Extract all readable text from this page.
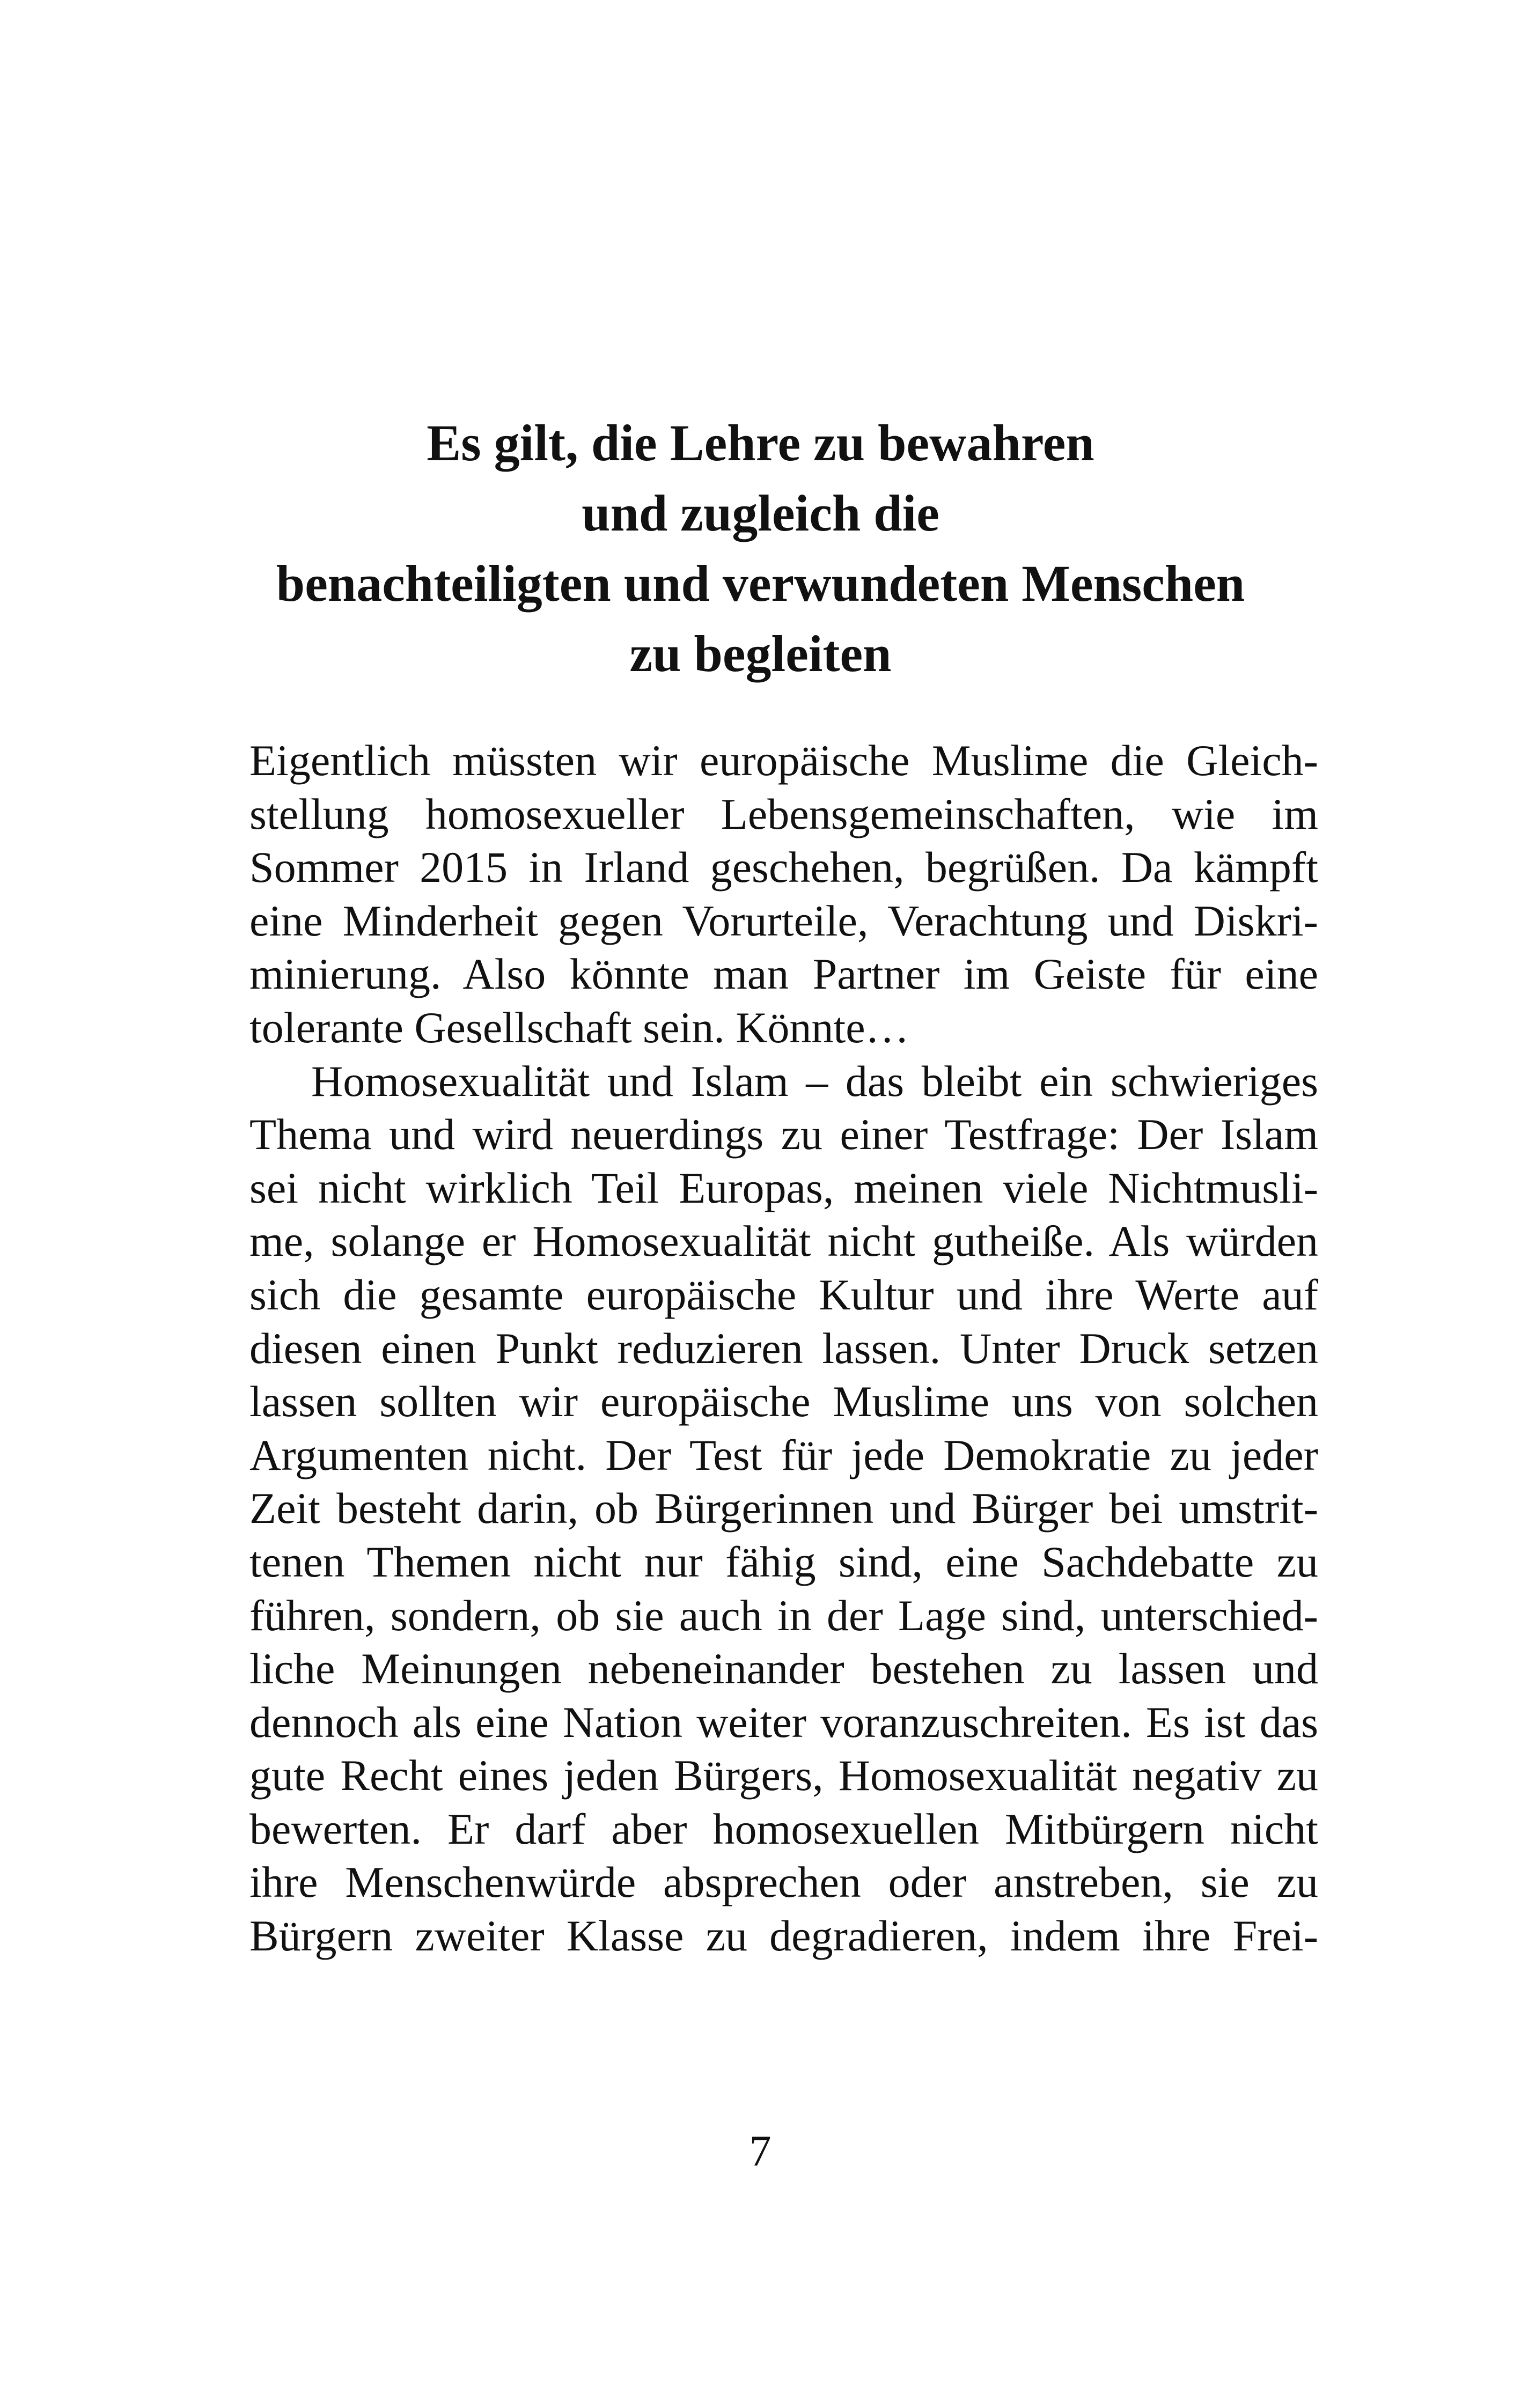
Es gilt, die Lehre zu bewahren
und zugleich die
benachteiligten und verwundeten Menschen
zu begleiten
Eigentlich müssten wir europäische Muslime die Gleich-
stellung homosexueller Lebensgemeinschaften, wie im
Sommer 2015 in Irland geschehen, begrüßen. Da kämpft
eine Minderheit gegen Vorurteile, Verachtung und Diskri-
minierung. Also könnte man Partner im Geiste für eine
tolerante Gesellschaft sein. Könnte…
Homosexualität und Islam – das bleibt ein schwieriges
Thema und wird neuerdings zu einer Testfrage: Der Islam
sei nicht wirklich Teil Europas, meinen viele Nichtmusli-
me, solange er Homosexualität nicht gutheiße. Als würden
sich die gesamte europäische Kultur und ihre Werte auf
diesen einen Punkt reduzieren lassen. Unter Druck setzen
lassen sollten wir europäische Muslime uns von solchen
Argumenten nicht. Der Test für jede Demokratie zu jeder
Zeit besteht darin, ob Bürgerinnen und Bürger bei umstrit-
tenen Themen nicht nur fähig sind, eine Sachdebatte zu
führen, sondern, ob sie auch in der Lage sind, unterschied-
liche Meinungen nebeneinander bestehen zu lassen und
dennoch als eine Nation weiter voranzuschreiten. Es ist das
gute Recht eines jeden Bürgers, Homosexualität negativ zu
bewerten. Er darf aber homosexuellen Mitbürgern nicht
ihre Menschenwürde absprechen oder anstreben, sie zu
Bürgern zweiter Klasse zu degradieren, indem ihre Frei-
7
